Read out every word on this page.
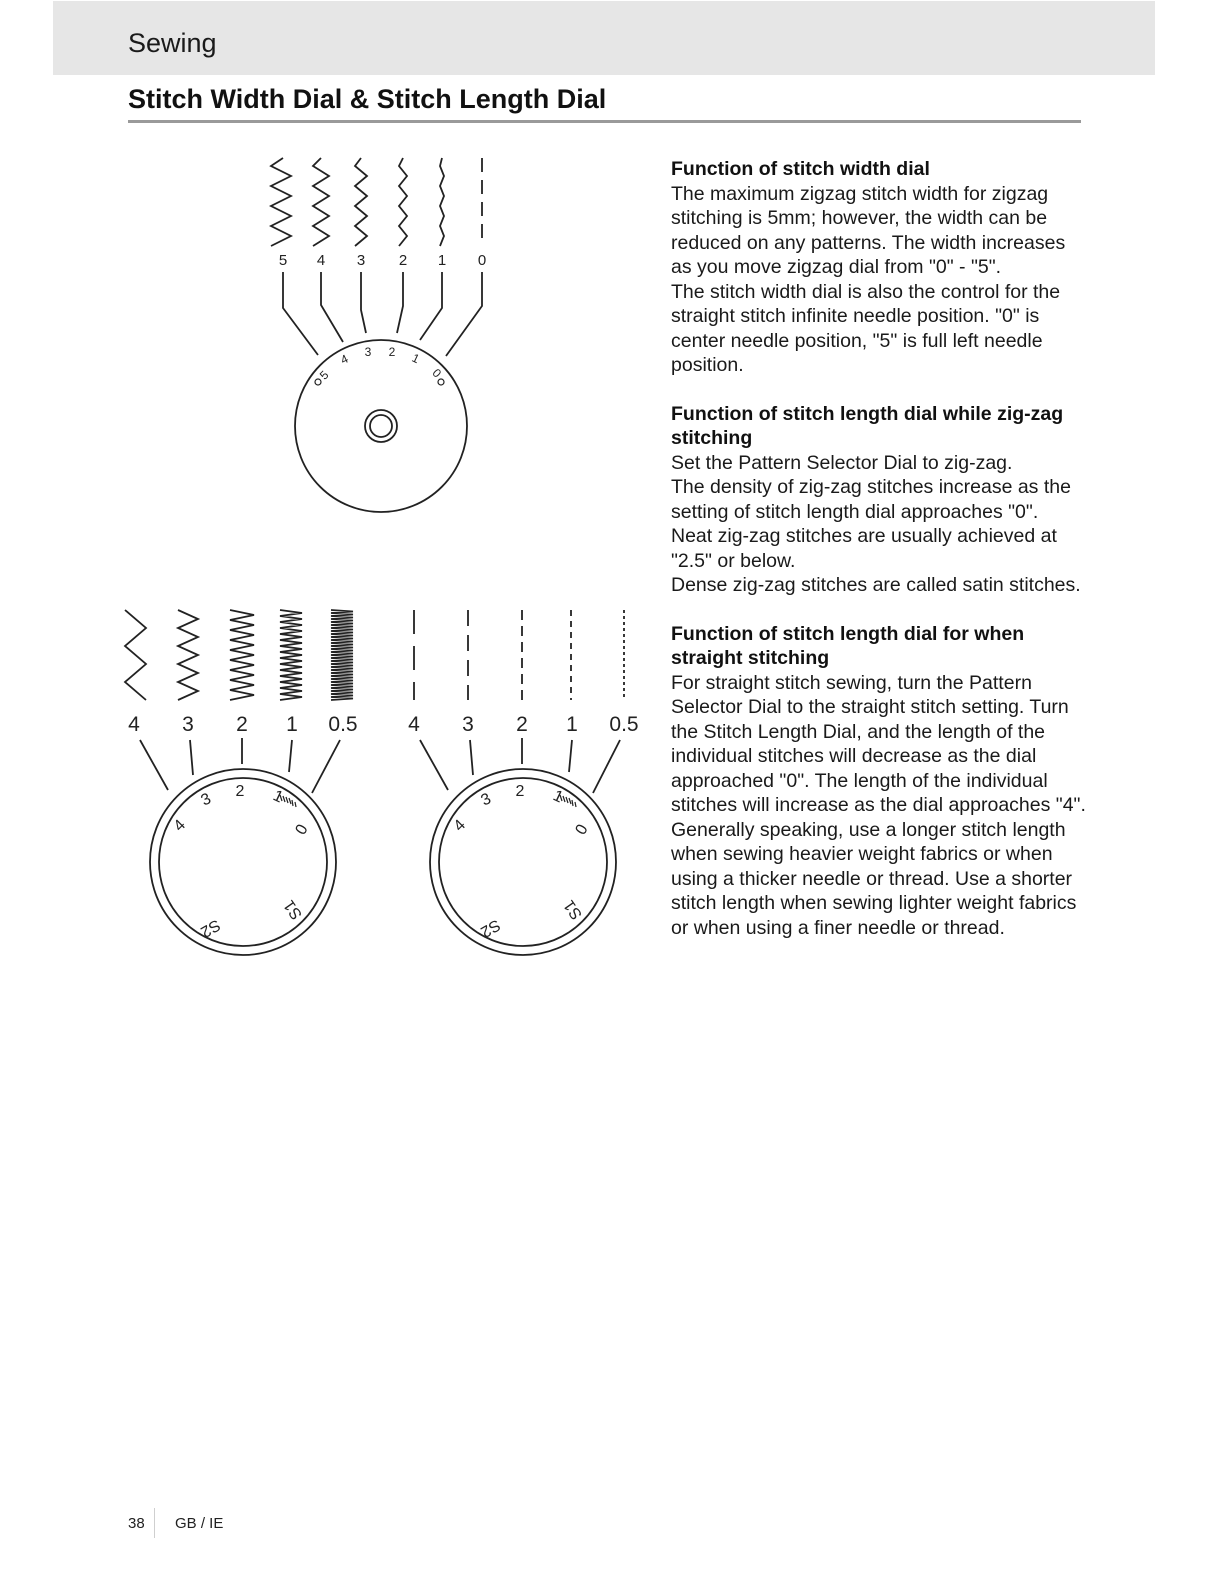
Sewing
Stitch Width Dial & Stitch Length Dial
5 4 3 2 1 0
5
4 3 2 1
0
4 3 2 1 0.5
4
3 2 1
0
S1
S2
4 3 2 1 0.5
4
3 2 1
0
S1
S2
Function of stitch width dial

The maximum zigzag stitch width for zigzag stitching is 5mm; however, the width can be reduced on any patterns. The width increases as you move zigzag dial from "0" - "5".

The stitch width dial is also the control for the straight stitch infinite needle position. "0" is center needle position, "5" is full left needle position.

Function of stitch length dial while zig-zag stitching

Set the Pattern Selector Dial to zig-zag.

The density of zig-zag stitches increase as the setting of stitch length dial approaches "0".

Neat zig-zag stitches are usually achieved at "2.5" or below.

Dense zig-zag stitches are called satin stitches.

Function of stitch length dial for when straight stitching

For straight stitch sewing, turn the Pattern Selector Dial to the straight stitch setting. Turn the Stitch Length Dial, and the length of the individual stitches will decrease as the dial approached "0". The length of the individual stitches will increase as the dial approaches "4". Generally speaking, use a longer stitch length when sewing heavier weight fabrics or when using a thicker needle or thread. Use a shorter stitch length when sewing lighter weight fabrics or when using a finer needle or thread.

38 GB / IE
